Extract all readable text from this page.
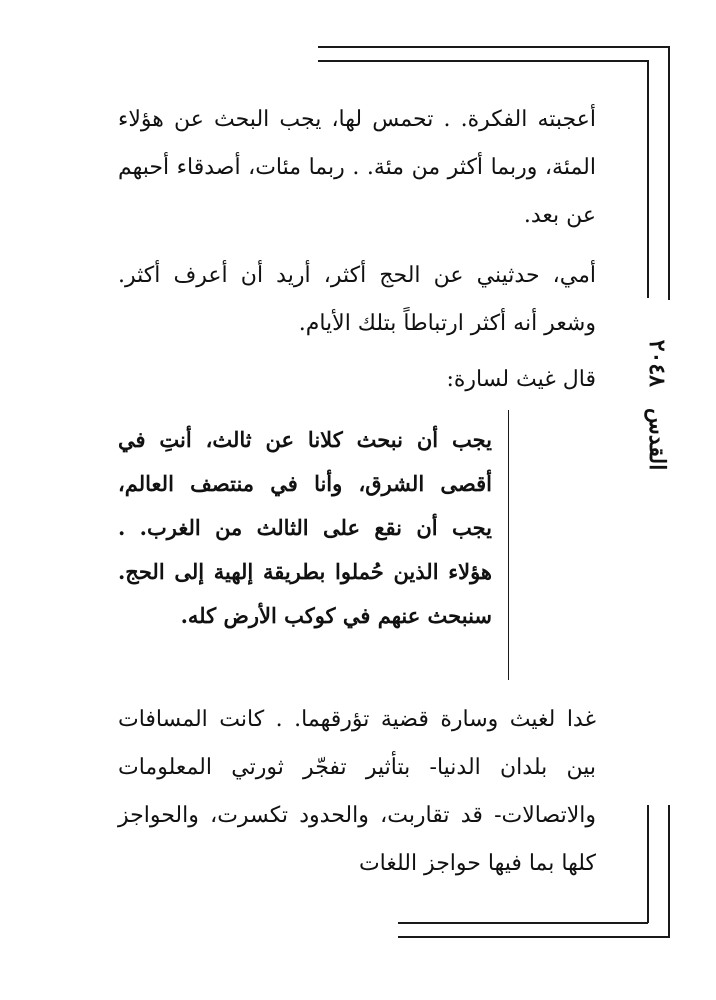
القدس ٢٠٤٨

أعجبته الفكرة. . تحمس لها، يجب البحث عن هؤلاء المئة، وربما أكثر من مئة. . ربما مئات، أصدقاء أحبهم عن بعد.

أمي، حدثيني عن الحج أكثر، أريد أن أعرف أكثر. وشعر أنه أكثر ارتباطاً بتلك الأيام.

قال غيث لسارة:

يجب أن نبحث كلانا عن ثالث، أنتِ في أقصى الشرق، وأنا في منتصف العالم، يجب أن نقع على الثالث من الغرب. . هؤلاء الذين حُملوا بطريقة إلهية إلى الحج. سنبحث عنهم في كوكب الأرض كله.

غدا لغيث وسارة قضية تؤرقهما. . كانت المسافات بين بلدان الدنيا- بتأثير تفجّر ثورتي المعلومات والاتصالات- قد تقاربت، والحدود تكسرت، والحواجز كلها بما فيها حواجز اللغات
